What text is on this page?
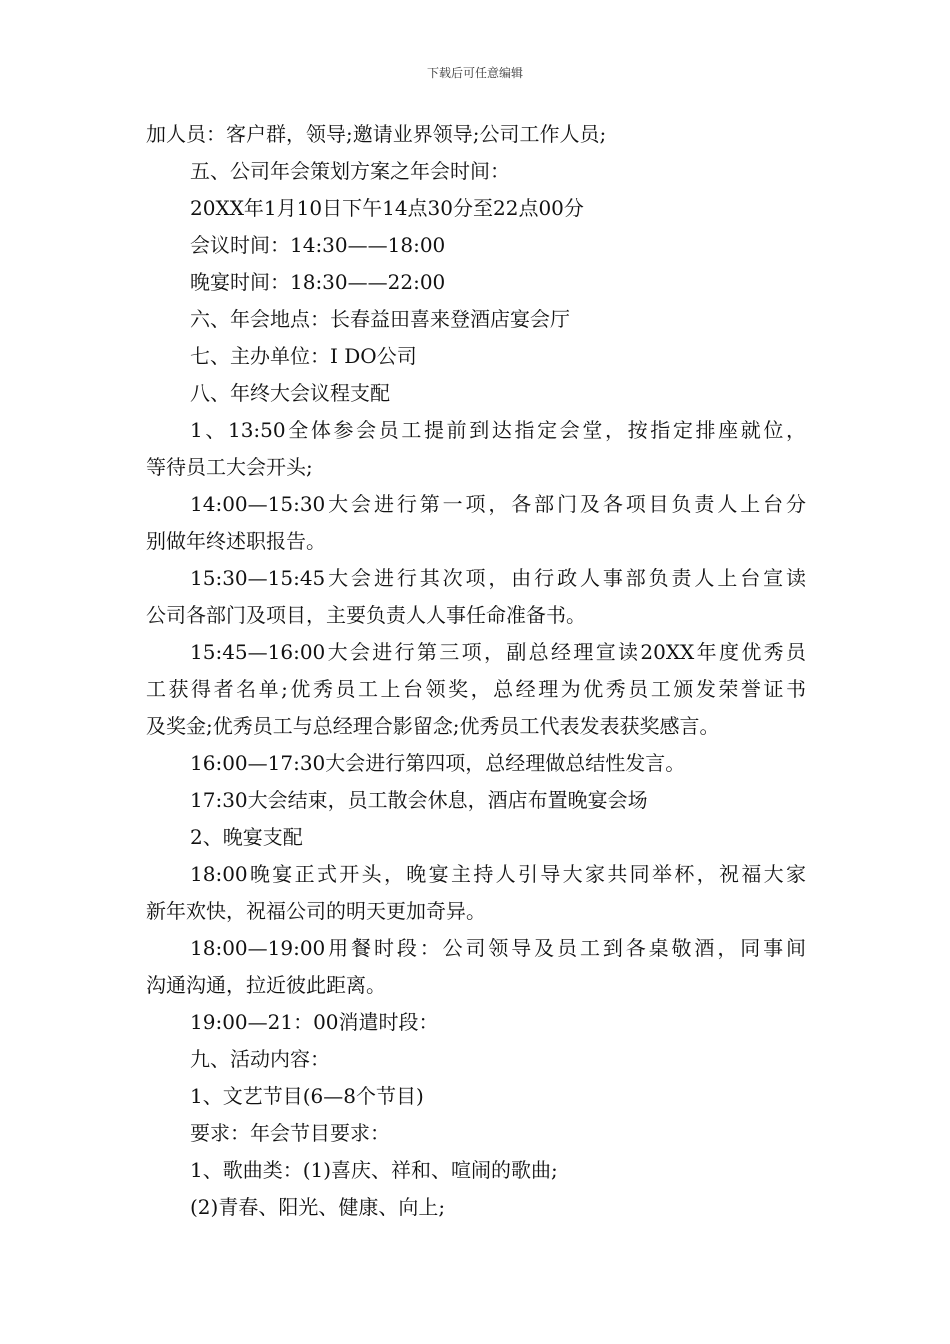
下载后可任意编辑
加人员：客户群，领导;邀请业界领导;公司工作人员;
五、公司年会策划方案之年会时间：
20XX年1月10日下午14点30分至22点00分
会议时间：14:30——18:00
晚宴时间：18:30——22:00
六、年会地点：长春益田喜来登酒店宴会厅
七、主办单位：I DO公司
八、年终大会议程支配
1、13:50全体参会员工提前到达指定会堂，按指定排座就位，
等待员工大会开头;
14:00—15:30大会进行第一项，各部门及各项目负责人上台分
别做年终述职报告。
15:30—15:45大会进行其次项，由行政人事部负责人上台宣读
公司各部门及项目，主要负责人人事任命准备书。
15:45—16:00大会进行第三项，副总经理宣读20XX年度优秀员
工获得者名单;优秀员工上台领奖，总经理为优秀员工颁发荣誉证书
及奖金;优秀员工与总经理合影留念;优秀员工代表发表获奖感言。
16:00—17:30大会进行第四项，总经理做总结性发言。
17:30大会结束，员工散会休息，酒店布置晚宴会场
2、晚宴支配
18:00晚宴正式开头，晚宴主持人引导大家共同举杯，祝福大家
新年欢快，祝福公司的明天更加奇异。
18:00—19:00用餐时段：公司领导及员工到各桌敬酒，同事间
沟通沟通，拉近彼此距离。
19:00—21：00消遣时段：
九、活动内容：
1、文艺节目(6—8个节目)
要求：年会节目要求：
1、歌曲类：(1)喜庆、祥和、喧闹的歌曲;
(2)青春、阳光、健康、向上;
